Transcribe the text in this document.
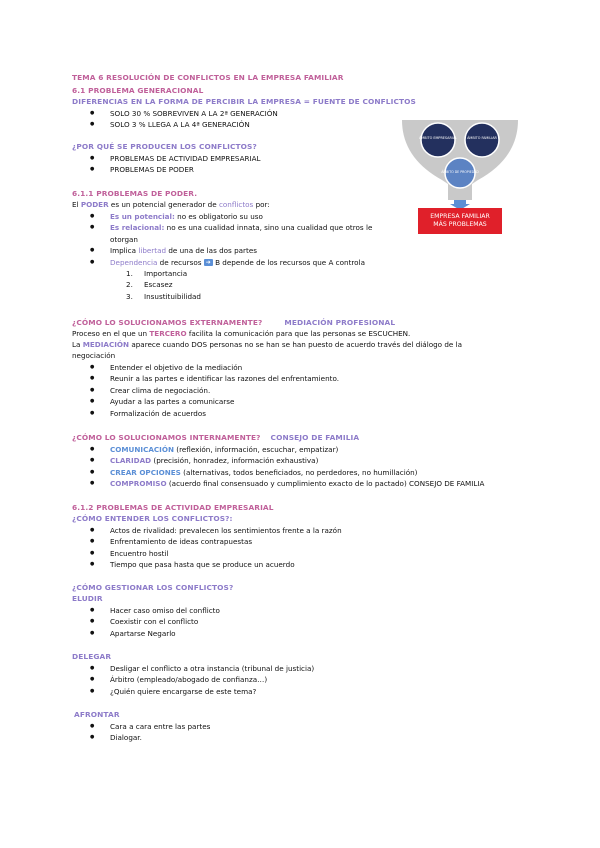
TEMA 6 RESOLUCIÓN DE CONFLICTOS EN LA EMPRESA FAMILIAR
6.1 PROBLEMA GENERACIONAL
DIFERENCIAS EN LA FORMA DE PERCIBIR LA EMPRESA = FUENTE DE CONFLICTOS
● SOLO 30 % SOBREVIVEN A LA 2ª GENERACIÓN
● SOLO 3 % LLEGA A LA 4ª GENERACIÓN
¿POR QUÉ SE PRODUCEN LOS CONFLICTOS?
● PROBLEMAS DE ACTIVIDAD EMPRESARIAL
● PROBLEMAS DE PODER
ÁMBITO EMPRESARIAL	ÁMBITO FAMILIAR
ÁMBITO DE PROPIEDAD
EMPRESA FAMILIAR
MÁS PROBLEMAS
6.1.1 PROBLEMAS DE PODER.
El PODER es un potencial generador de conflictos por:
● Es un potencial: no es obligatorio su uso
● Es relacional: no es una cualidad innata, sino una cualidad que otros le
otorgan
● Implica libertad de una de las dos partes
● Dependencia de recursos ➜ B depende de los recursos que A controla
1. Importancia
2. Escasez
3. Insustituibilidad
¿CÓMO LO SOLUCIONAMOS EXTERNAMENTE?	MEDIACIÓN PROFESIONAL
Proceso en el que un TERCERO facilita la comunicación para que las personas se ESCUCHEN.
La MEDIACIÓN aparece cuando DOS personas no se han se han puesto de acuerdo través del diálogo de la
negociación
● Entender el objetivo de la mediación
● Reunir a las partes e identificar las razones del enfrentamiento.
● Crear clima de negociación.
● Ayudar a las partes a comunicarse
● Formalización de acuerdos
¿CÓMO LO SOLUCIONAMOS INTERNAMENTE? CONSEJO DE FAMILIA
● COMUNICACIÓN (reflexión, información, escuchar, empatizar)
● CLARIDAD (precisión, honradez, información exhaustiva)
● CREAR OPCIONES (alternativas, todos beneficiados, no perdedores, no humillación)
● COMPROMISO (acuerdo final consensuado y cumplimiento exacto de lo pactado) CONSEJO DE FAMILIA
6.1.2 PROBLEMAS DE ACTIVIDAD EMPRESARIAL
¿CÓMO ENTENDER LOS CONFLICTOS?:
● Actos de rivalidad: prevalecen los sentimientos frente a la razón
● Enfrentamiento de ideas contrapuestas
● Encuentro hostil
● Tiempo que pasa hasta que se produce un acuerdo
¿CÓMO GESTIONAR LOS CONFLICTOS?
ELUDIR
● Hacer caso omiso del conflicto
● Coexistir con el conflicto
● Apartarse Negarlo
DELEGAR
● Desligar el conflicto a otra instancia (tribunal de justicia)
● Árbitro (empleado/abogado de confianza…)
● ¿Quién quiere encargarse de este tema?
AFRONTAR
● Cara a cara entre las partes
● Dialogar.
